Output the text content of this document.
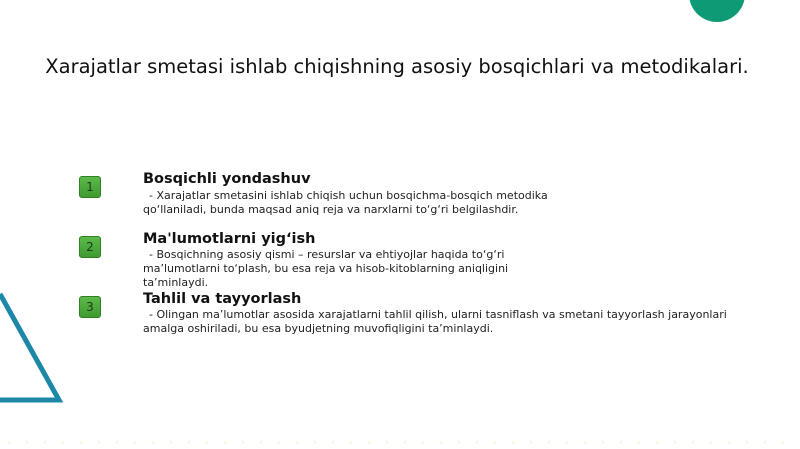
Xarajatlar smetasi ishlab chiqishning asosiy bosqichlari va metodikalari.
1	Bosqichli yondashuv
- Xarajatlar smetasini ishlab chiqish uchun bosqichma-bosqich metodika
qo‘llaniladi, bunda maqsad aniq reja va narxlarni to‘g‘ri belgilashdir.
2	Ma'lumotlarni yig‘ish
- Bosqichning asosiy qismi – resurslar va ehtiyojlar haqida to‘g‘ri
ma’lumotlarni to‘plash, bu esa reja va hisob-kitoblarning aniqligini
ta’minlaydi.
3	Tahlil va tayyorlash
- Olingan ma’lumotlar asosida xarajatlarni tahlil qilish, ularni tasniflash va smetani tayyorlash jarayonlari
amalga oshiriladi, bu esa byudjetning muvofiqligini ta’minlaydi.
